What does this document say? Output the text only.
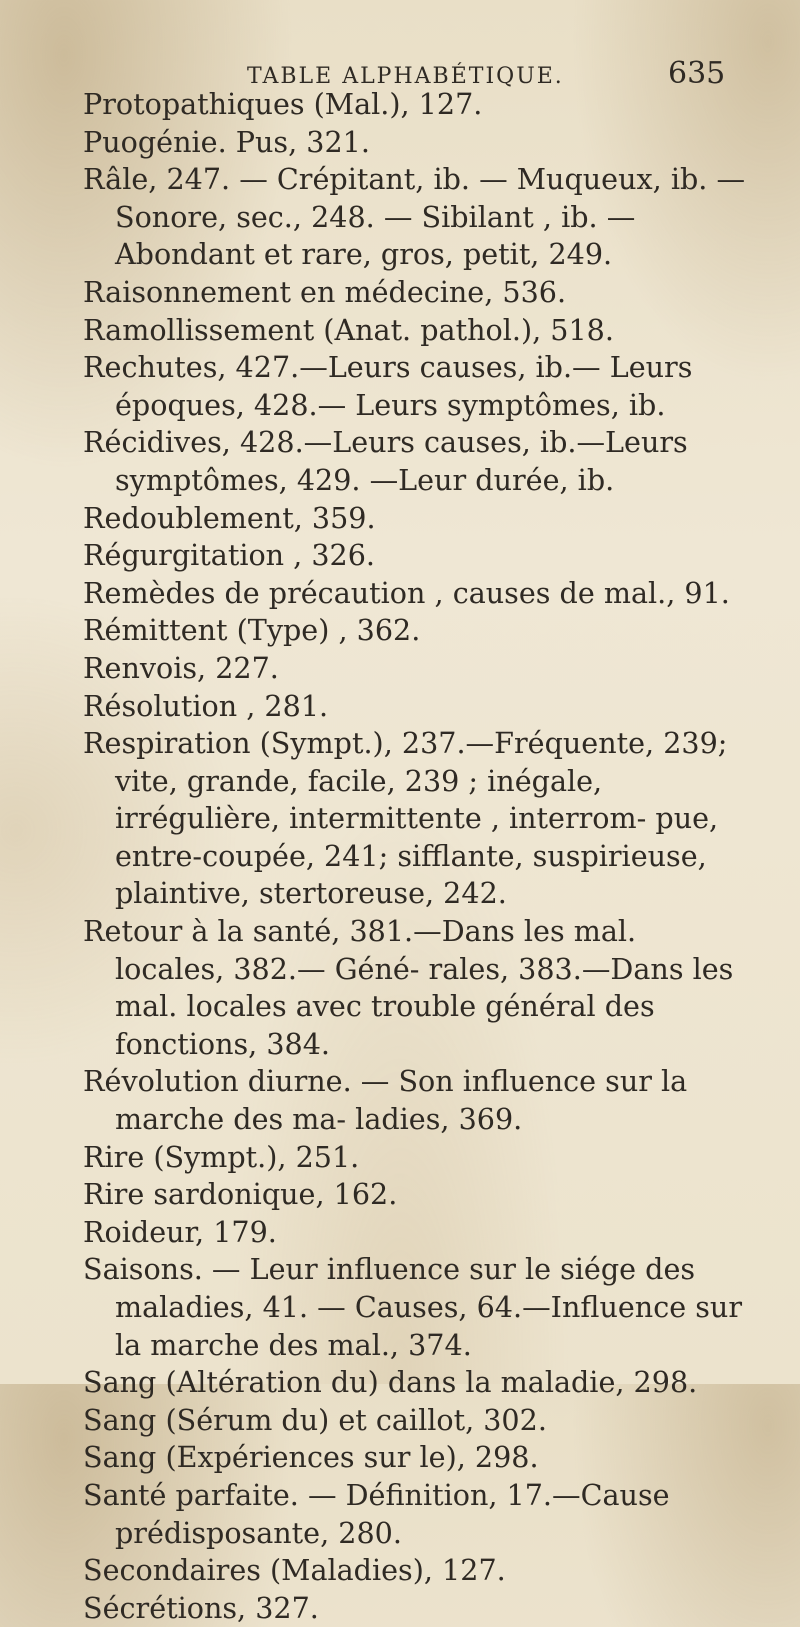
TABLE ALPHABÉTIQUE.	635
Protopathiques (Mal.), 127.
Puogénie. Pus, 321.
Râle, 247. — Crépitant, ib. — Muqueux, ib. — Sonore, sec., 248. — Sibilant , ib. — Abondant et rare, gros, petit, 249.
Raisonnement en médecine, 536.
Ramollissement (Anat. pathol.), 518.
Rechutes, 427.—Leurs causes, ib.— Leurs époques, 428.— Leurs symptômes, ib.
Récidives, 428.—Leurs causes, ib.—Leurs symptômes, 429. —Leur durée, ib.
Redoublement, 359.
Régurgitation , 326.
Remèdes de précaution , causes de mal., 91.
Rémittent (Type) , 362.
Renvois, 227.
Résolution , 281.
Respiration (Sympt.), 237.—Fréquente, 239; vite, grande, facile, 239 ; inégale, irrégulière, intermittente , interrom- pue, entre-coupée, 241; sifflante, suspirieuse, plaintive, stertoreuse, 242.
Retour à la santé, 381.—Dans les mal. locales, 382.— Géné- rales, 383.—Dans les mal. locales avec trouble général des fonctions, 384.
Révolution diurne. — Son influence sur la marche des ma- ladies, 369.
Rire (Sympt.), 251.
Rire sardonique, 162.
Roideur, 179.
Saisons. — Leur influence sur le siége des maladies, 41. — Causes, 64.—Influence sur la marche des mal., 374.
Sang (Altération du) dans la maladie, 298.
Sang (Sérum du) et caillot, 302.
Sang (Expériences sur le), 298.
Santé parfaite. — Définition, 17.—Cause prédisposante, 280.
Secondaires (Maladies), 127.
Sécrétions, 327.
